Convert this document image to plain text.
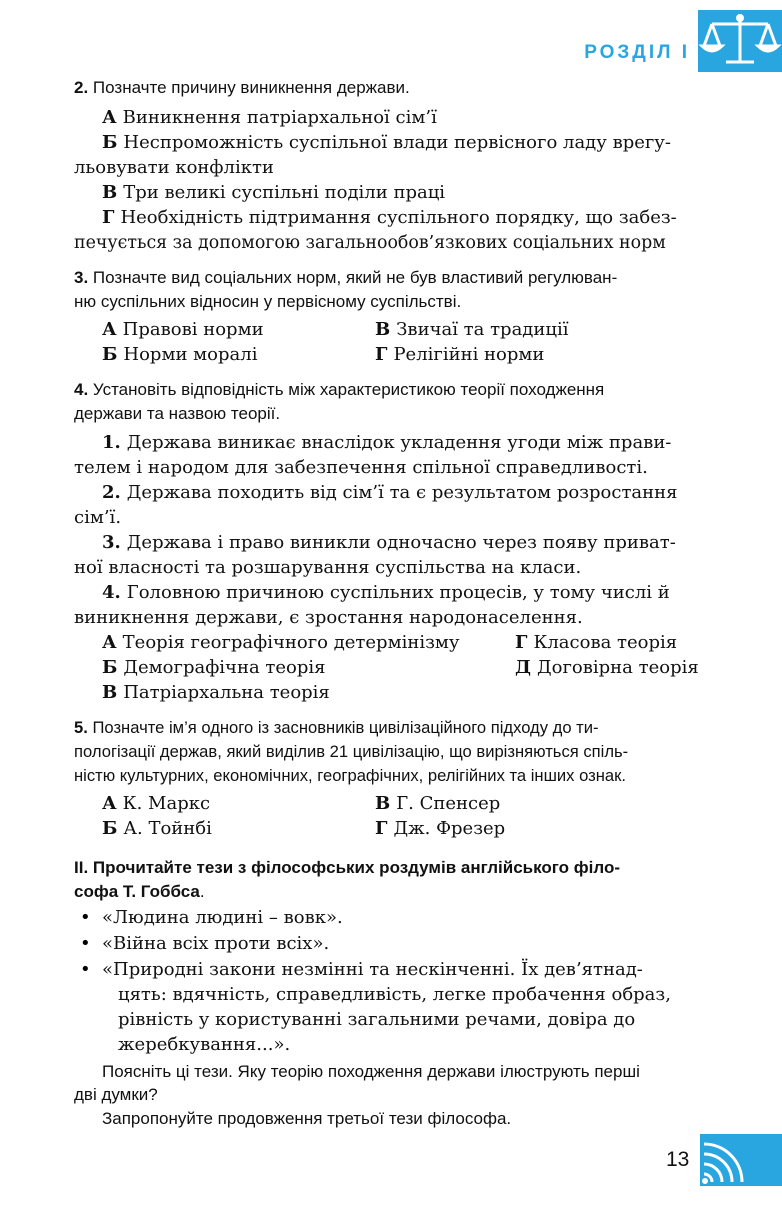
РОЗДІЛ I
2. Позначте причину виникнення держави.
А Виникнення патріархальної сім’ї
Б Неспроможність суспільної влади первісного ладу врегу-
льовувати конфлікти
В Три великі суспільні поділи праці
Г Необхідність підтримання суспільного порядку, що забез-
печується за допомогою загальнообов’язкових соціальних норм
3. Позначте вид соціальних норм, який не був властивий регулюван-
ню суспільних відносин у первісному суспільстві.
А Правові норми	В Звичаї та традиції
Б Норми моралі	Г Релігійні норми
4. Установіть відповідність між характеристикою теорії походження
держави та назвою теорії.
1. Держава виникає внаслідок укладення угоди між прави-
телем і народом для забезпечення спільної справедливості.
2. Держава походить від сім’ї та є результатом розростання
сім’ї.
3. Держава і право виникли одночасно через появу приват-
ної власності та розшарування суспільства на класи.
4. Головною причиною суспільних процесів, у тому числі й
виникнення держави, є зростання народонаселення.
А Теорія географічного детермінізму	Г Класова теорія
Б Демографічна теорія	Д Договірна теорія
В Патріархальна теорія
5. Позначте ім’я одного із засновників цивілізаційного підходу до ти-
пологізації держав, який виділив 21 цивілізацію, що вирізняються спіль-
ністю культурних, економічних, географічних, релігійних та інших ознак.
А К. Маркс	В Г. Спенсер
Б А. Тойнбі	Г Дж. Фрезер
II. Прочитайте тези з філософських роздумів англійського філо-
софа Т. Гоббса.
• «Людина людині – вовк».
• «Війна всіх проти всіх».
• «Природні закони незмінні та нескінченні. Їх дев’ятнад-
цять: вдячність, справедливість, легке пробачення образ,
рівність у користуванні загальними речами, довіра до
жеребкування...».
Поясніть ці тези. Яку теорію походження держави ілюструють перші
дві думки?
Запропонуйте продовження третьої тези філософа.
13
